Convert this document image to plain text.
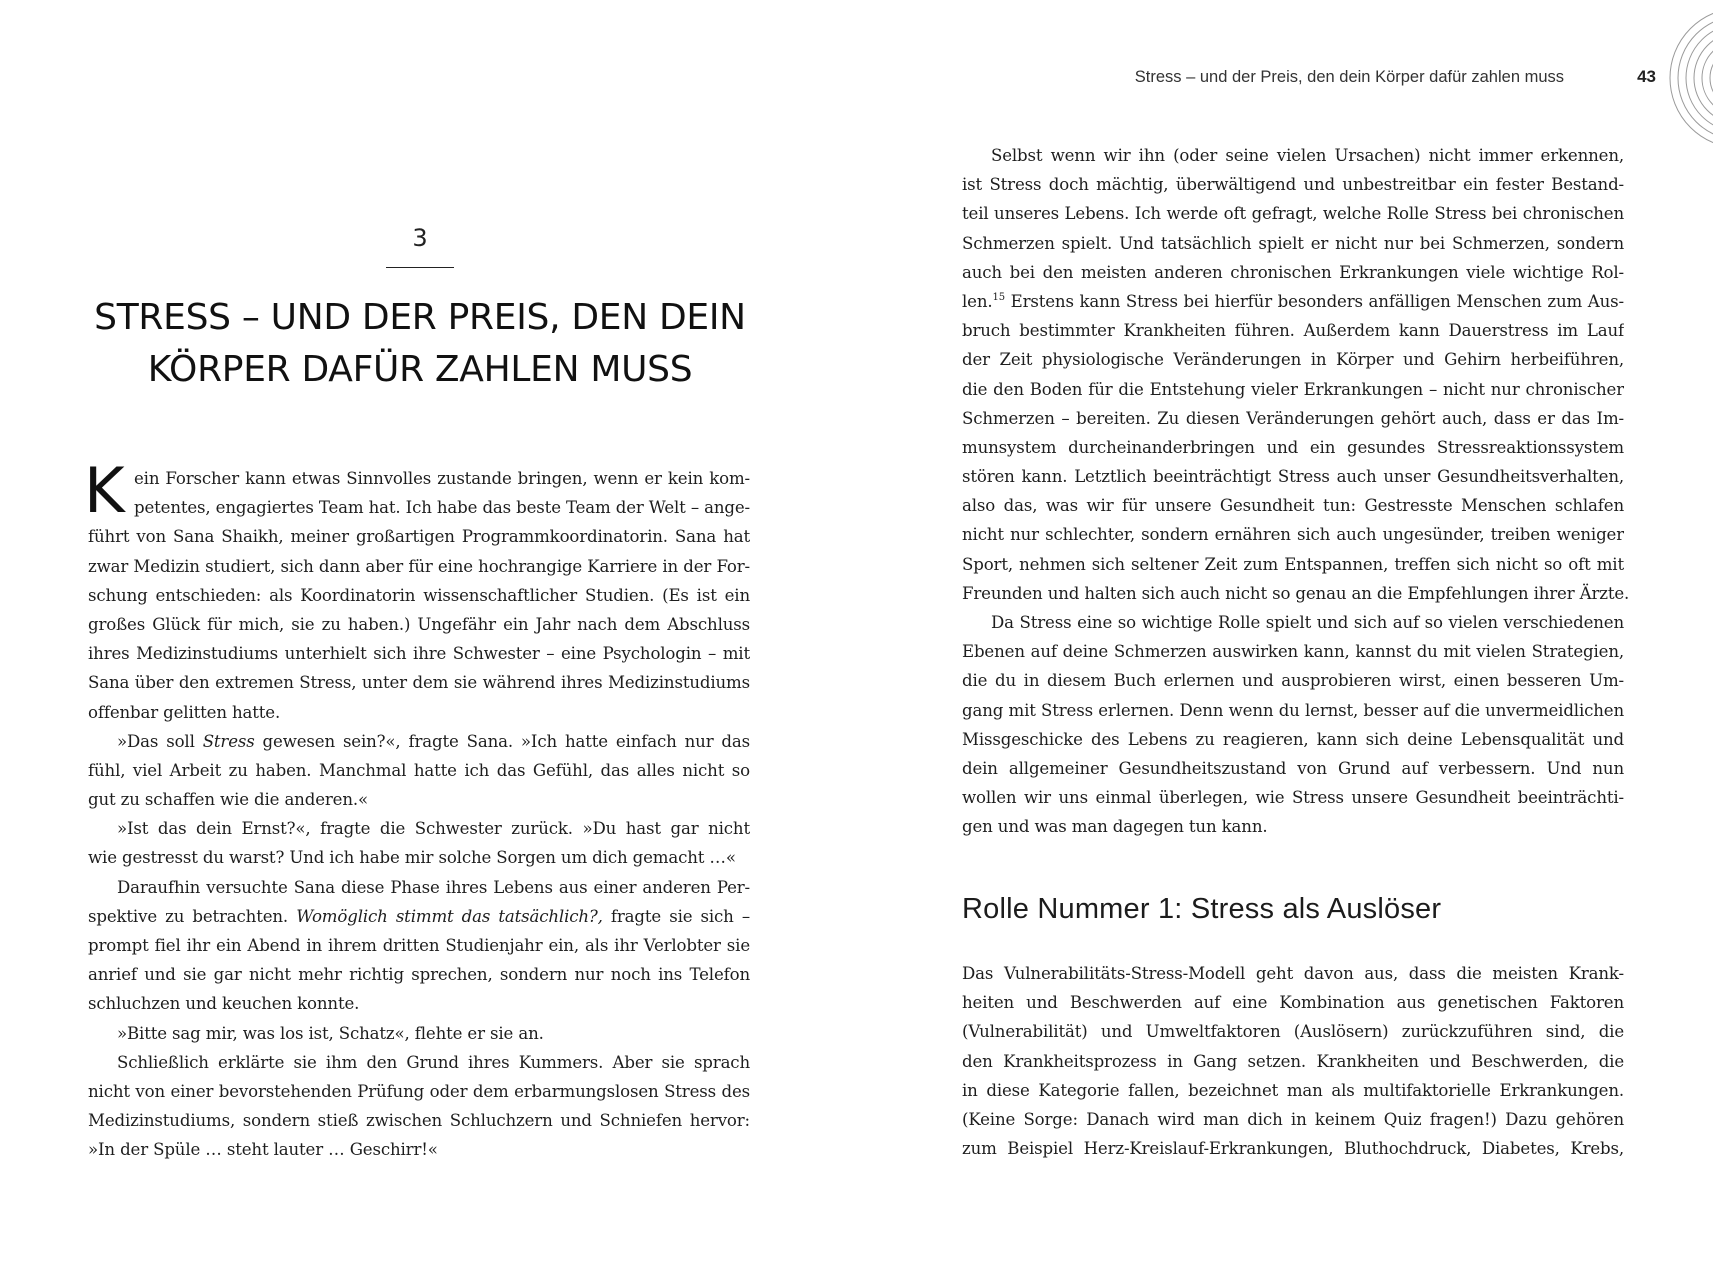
3
STRESS – UND DER PREIS, DEN DEIN
KÖRPER DAFÜR ZAHLEN MUSS
K ein Forscher kann etwas Sinnvolles zustande bringen, wenn er kein kom-
petentes, engagiertes Team hat. Ich habe das beste Team der Welt – ange-
führt von Sana Shaikh, meiner großartigen Programmkoordinatorin. Sana hat
zwar Medizin studiert, sich dann aber für eine hochrangige Karriere in der For-
schung entschieden: als Koordinatorin wissenschaftlicher Studien. (Es ist ein
großes Glück für mich, sie zu haben.) Ungefähr ein Jahr nach dem Abschluss
ihres Medizinstudiums unterhielt sich ihre Schwester – eine Psychologin – mit
Sana über den extremen Stress, unter dem sie während ihres Medizinstudiums
offenbar gelitten hatte.
»Das soll Stress gewesen sein?«, fragte Sana. »Ich hatte einfach nur das
fühl, viel Arbeit zu haben. Manchmal hatte ich das Gefühl, das alles nicht so
gut zu schaffen wie die anderen.«
»Ist das dein Ernst?«, fragte die Schwester zurück. »Du hast gar nicht
wie gestresst du warst? Und ich habe mir solche Sorgen um dich gemacht …«
Daraufhin versuchte Sana diese Phase ihres Lebens aus einer anderen Per-
spektive zu betrachten. Womöglich stimmt das tatsächlich?, fragte sie sich –
prompt fiel ihr ein Abend in ihrem dritten Studienjahr ein, als ihr Verlobter sie
anrief und sie gar nicht mehr richtig sprechen, sondern nur noch ins Telefon
schluchzen und keuchen konnte.
»Bitte sag mir, was los ist, Schatz«, flehte er sie an.
Schließlich erklärte sie ihm den Grund ihres Kummers. Aber sie sprach
nicht von einer bevorstehenden Prüfung oder dem erbarmungslosen Stress des
Medizinstudiums, sondern stieß zwischen Schluchzern und Schniefen hervor:
»In der Spüle … steht lauter … Geschirr!«
Stress – und der Preis, den dein Körper dafür zahlen muss	43
Selbst wenn wir ihn (oder seine vielen Ursachen) nicht immer erkennen,
ist Stress doch mächtig, überwältigend und unbestreitbar ein fester Bestand-
teil unseres Lebens. Ich werde oft gefragt, welche Rolle Stress bei chronischen
Schmerzen spielt. Und tatsächlich spielt er nicht nur bei Schmerzen, sondern
auch bei den meisten anderen chronischen Erkrankungen viele wichtige Rol-
len.$^{15}$ Erstens kann Stress bei hierfür besonders anfälligen Menschen zum Aus-
bruch bestimmter Krankheiten führen. Außerdem kann Dauerstress im Lauf
der Zeit physiologische Veränderungen in Körper und Gehirn herbeiführen,
die den Boden für die Entstehung vieler Erkrankungen – nicht nur chronischer
Schmerzen – bereiten. Zu diesen Veränderungen gehört auch, dass er das Im-
munsystem durcheinanderbringen und ein gesundes Stressreaktionssystem
stören kann. Letztlich beeinträchtigt Stress auch unser Gesundheitsverhalten,
also das, was wir für unsere Gesundheit tun: Gestresste Menschen schlafen
nicht nur schlechter, sondern ernähren sich auch ungesünder, treiben weniger
Sport, nehmen sich seltener Zeit zum Entspannen, treffen sich nicht so oft mit
Freunden und halten sich auch nicht so genau an die Empfehlungen ihrer Ärzte.
Da Stress eine so wichtige Rolle spielt und sich auf so vielen verschiedenen
Ebenen auf deine Schmerzen auswirken kann, kannst du mit vielen Strategien,
die du in diesem Buch erlernen und ausprobieren wirst, einen besseren Um-
gang mit Stress erlernen. Denn wenn du lernst, besser auf die unvermeidlichen
Missgeschicke des Lebens zu reagieren, kann sich deine Lebensqualität und
dein allgemeiner Gesundheitszustand von Grund auf verbessern. Und nun
wollen wir uns einmal überlegen, wie Stress unsere Gesundheit beeinträchti-
gen und was man dagegen tun kann.
Rolle Nummer 1: Stress als Auslöser
Das Vulnerabilitäts-Stress-Modell geht davon aus, dass die meisten Krank-
heiten und Beschwerden auf eine Kombination aus genetischen Faktoren
(Vulnerabilität) und Umweltfaktoren (Auslösern) zurückzuführen sind, die
den Krankheitsprozess in Gang setzen. Krankheiten und Beschwerden, die
in diese Kategorie fallen, bezeichnet man als multifaktorielle Erkrankungen.
(Keine Sorge: Danach wird man dich in keinem Quiz fragen!) Dazu gehören
zum Beispiel Herz-Kreislauf-Erkrankungen, Bluthochdruck, Diabetes, Krebs,
